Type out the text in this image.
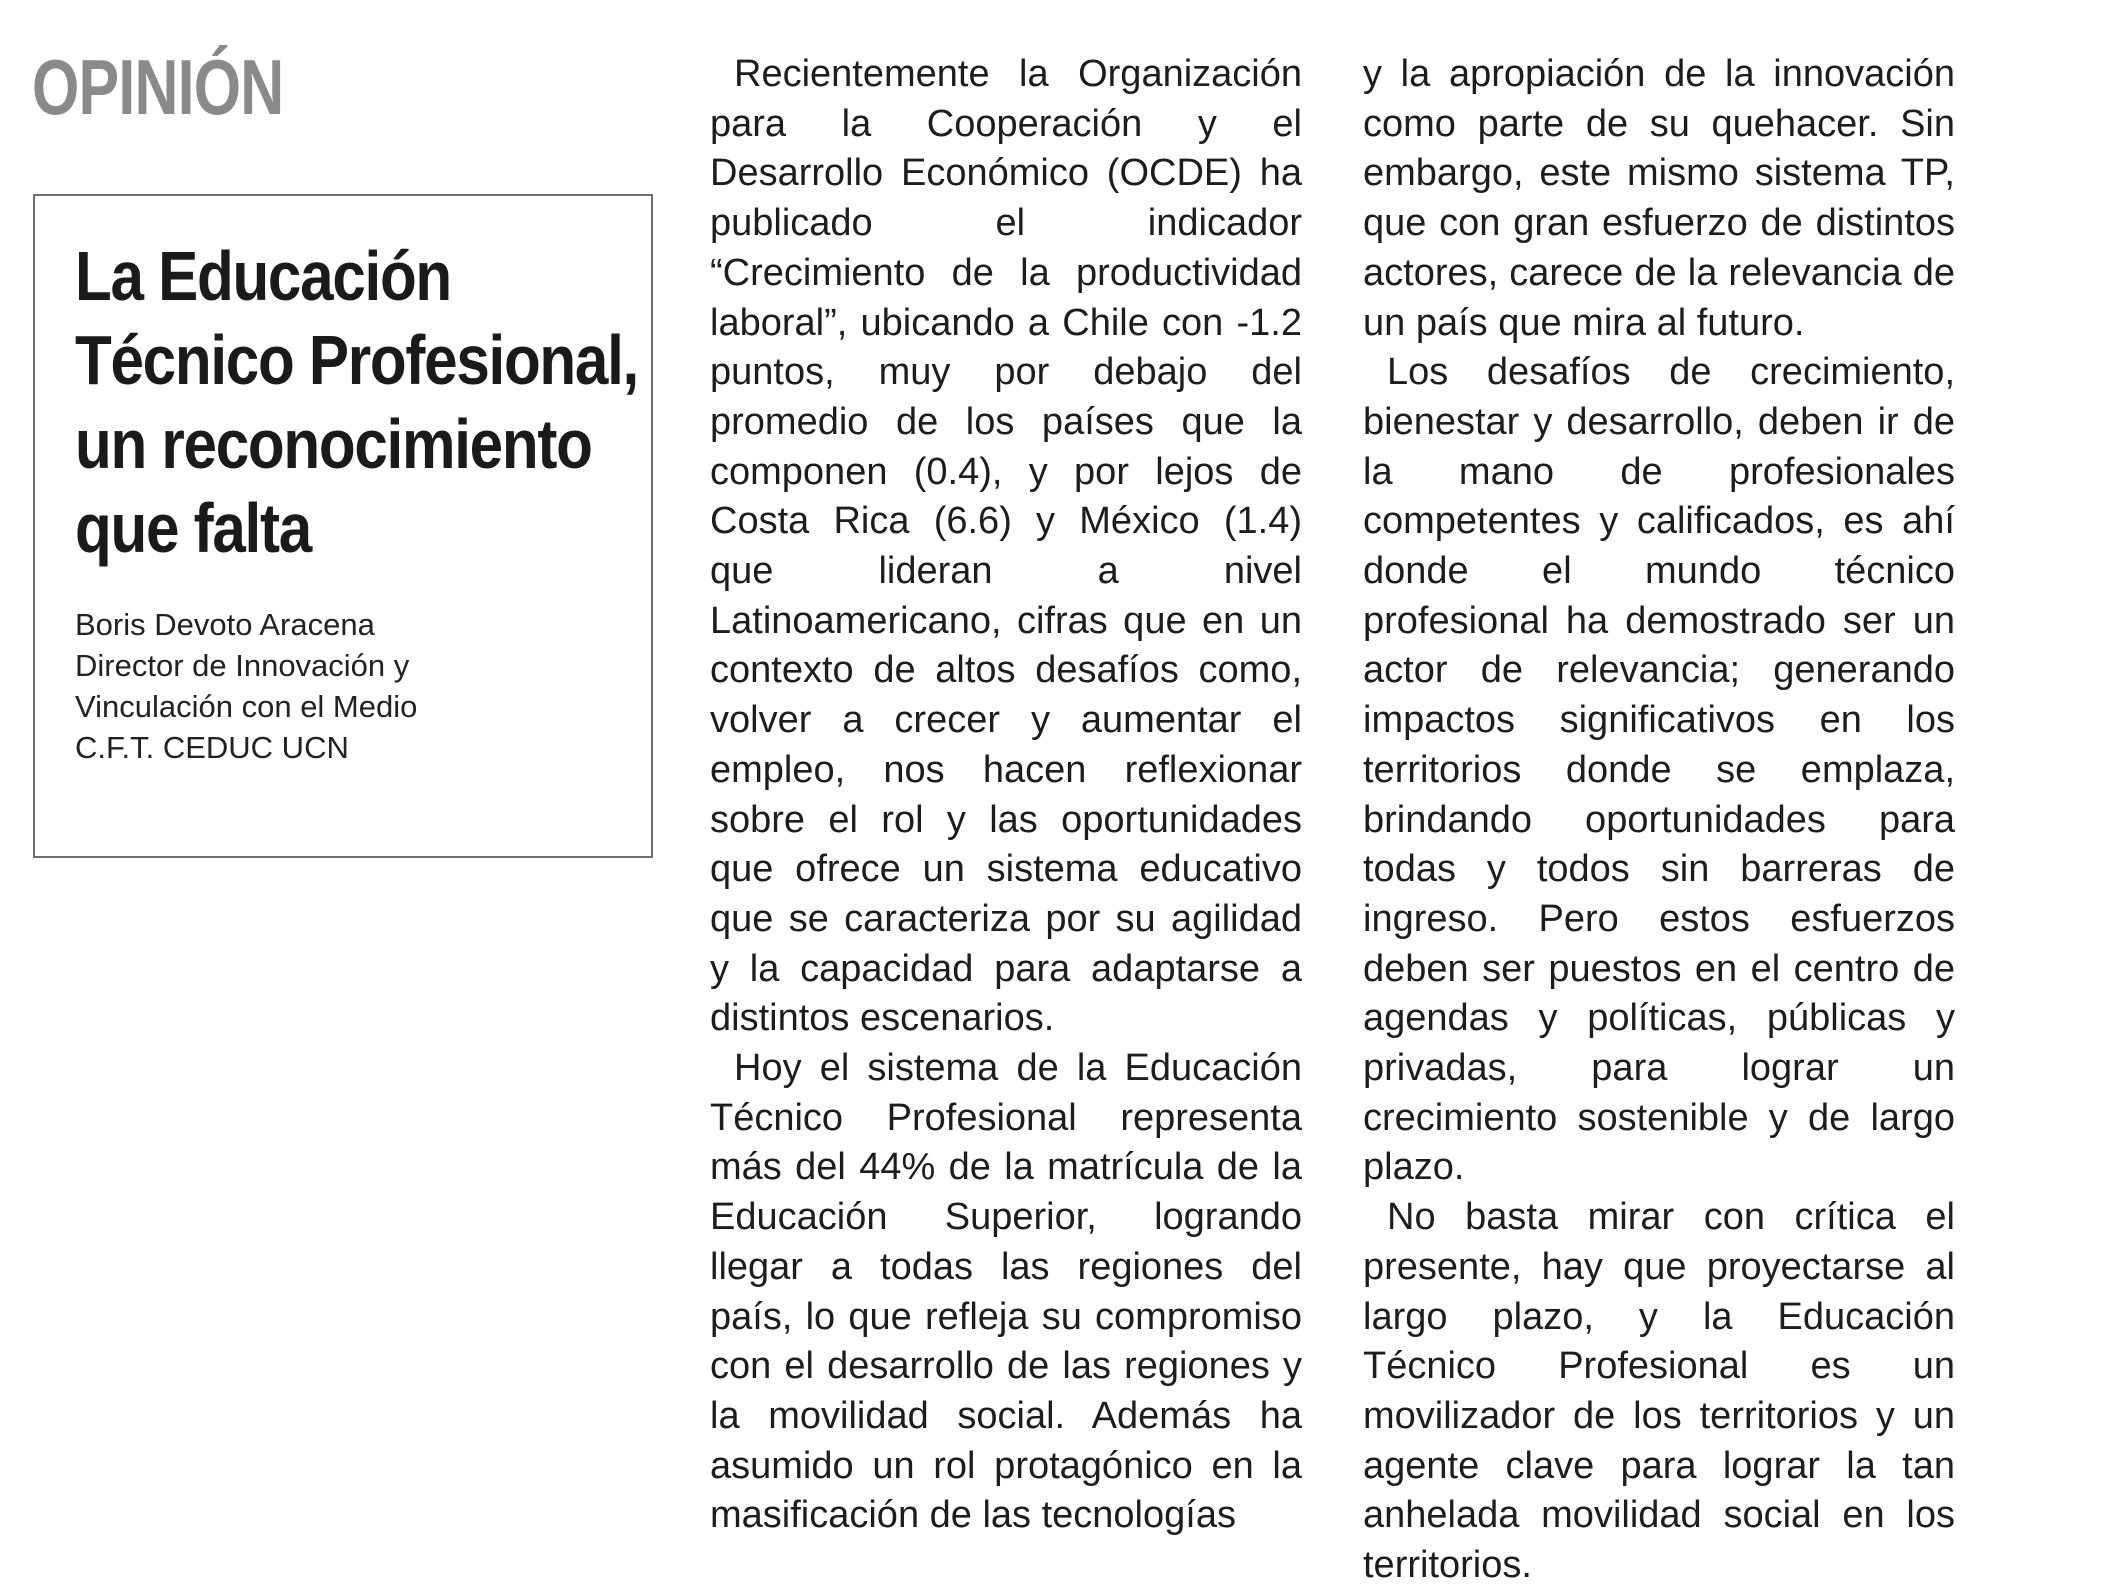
OPINIÓN
La Educación
Técnico Profesional,
un reconocimiento
que falta
Boris Devoto Aracena
Director de Innovación y
Vinculación con el Medio
C.F.T. CEDUC UCN

Recientemente la Organización para la Cooperación y el Desarrollo Económico (OCDE) ha publicado el indicador “Crecimiento de la productividad laboral”, ubicando a Chile con -1.2 puntos, muy por debajo del promedio de los países que la componen (0.4), y por lejos de Costa Rica (6.6) y México (1.4) que lideran a nivel Latinoamericano, cifras que en un contexto de altos desafíos como, volver a crecer y aumentar el empleo, nos hacen reflexionar sobre el rol y las oportunidades que ofrece un sistema educativo que se caracteriza por su agilidad y la capacidad para adaptarse a distintos escenarios.

Hoy el sistema de la Educación Técnico Profesional representa más del 44% de la matrícula de la Educación Superior, logrando llegar a todas las regiones del país, lo que refleja su compromiso con el desarrollo de las regiones y la movilidad social. Además ha asumido un rol protagónico en la masificación de las tecnologías

y la apropiación de la innovación como parte de su quehacer. Sin embargo, este mismo sistema TP, que con gran esfuerzo de distintos actores, carece de la relevancia de un país que mira al futuro.

Los desafíos de crecimiento, bienestar y desarrollo, deben ir de la mano de profesionales competentes y calificados, es ahí donde el mundo técnico profesional ha demostrado ser un actor de relevancia; generando impactos significativos en los territorios donde se emplaza, brindando oportunidades para todas y todos sin barreras de ingreso. Pero estos esfuerzos deben ser puestos en el centro de agendas y políticas, públicas y privadas, para lograr un crecimiento sostenible y de largo plazo.

No basta mirar con crítica el presente, hay que proyectarse al largo plazo, y la Educación Técnico Profesional es un movilizador de los territorios y un agente clave para lograr la tan anhelada movilidad social en los territorios.
